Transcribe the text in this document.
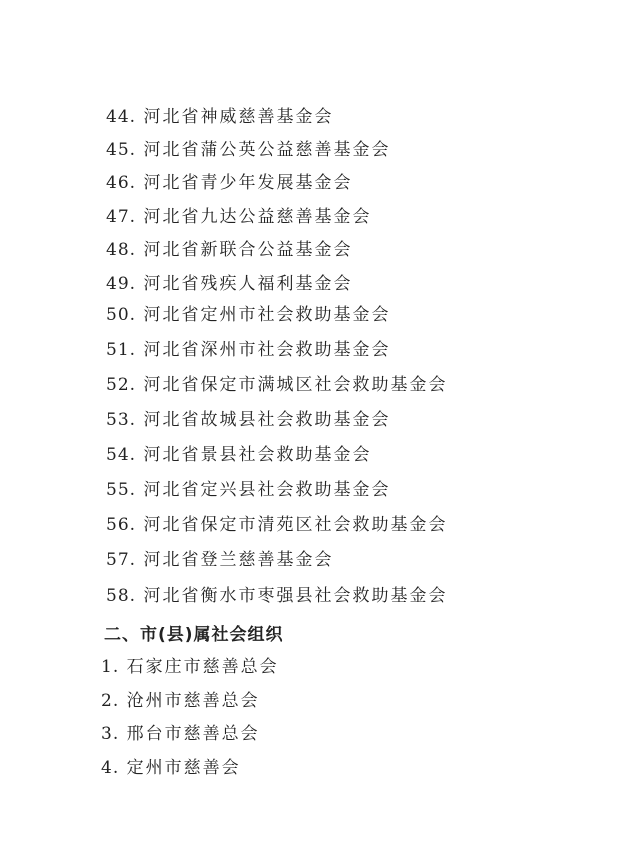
44. 河北省神威慈善基金会
45. 河北省蒲公英公益慈善基金会
46. 河北省青少年发展基金会
47. 河北省九达公益慈善基金会
48. 河北省新联合公益基金会
49. 河北省残疾人福利基金会
50. 河北省定州市社会救助基金会
51. 河北省深州市社会救助基金会
52. 河北省保定市满城区社会救助基金会
53. 河北省故城县社会救助基金会
54. 河北省景县社会救助基金会
55. 河北省定兴县社会救助基金会
56. 河北省保定市清苑区社会救助基金会
57. 河北省登兰慈善基金会
58. 河北省衡水市枣强县社会救助基金会
二、市(县)属社会组织
1. 石家庄市慈善总会
2. 沧州市慈善总会
3. 邢台市慈善总会
4. 定州市慈善会
